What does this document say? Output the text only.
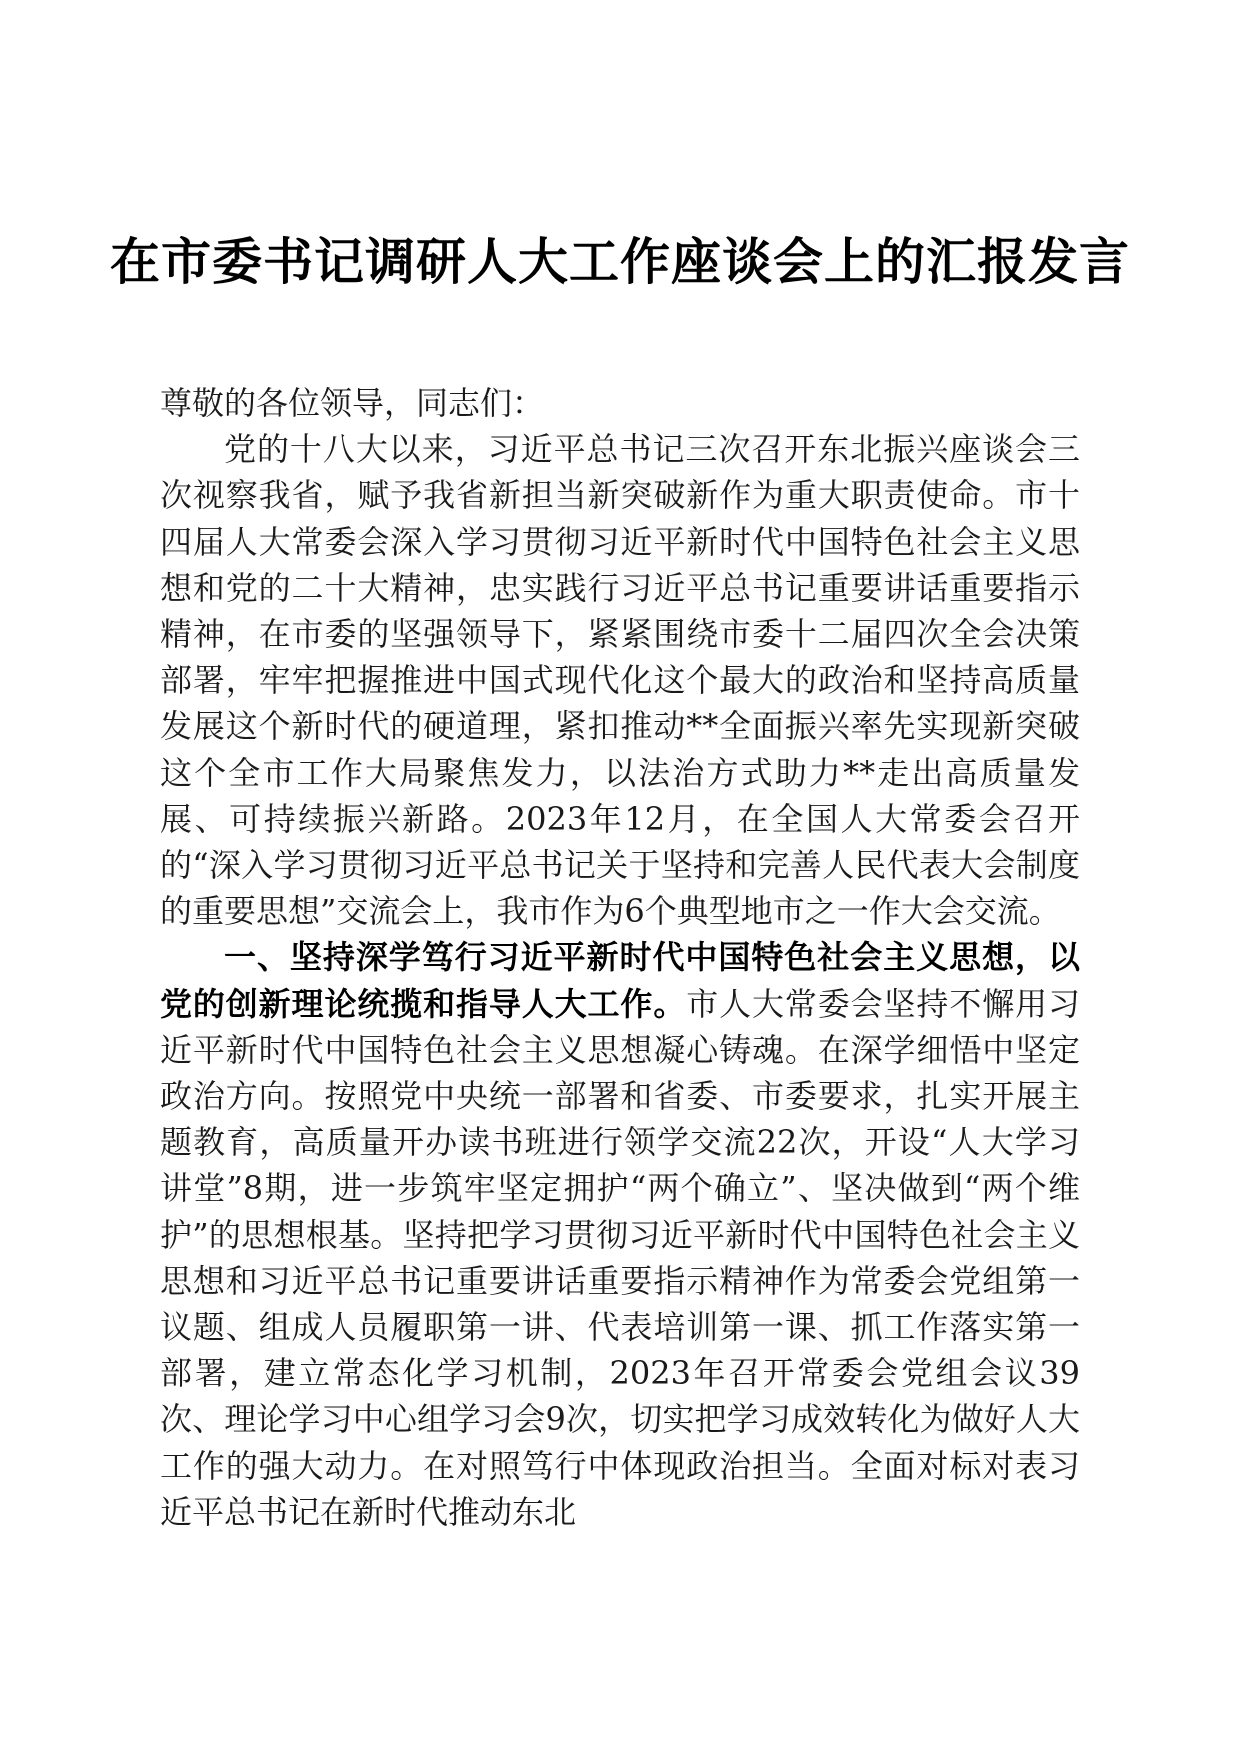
在市委书记调研人大工作座谈会上的汇报发言

尊敬的各位领导，同志们：

党的十八大以来，习近平总书记三次召开东北振兴座谈会三次视察我省，赋予我省新担当新突破新作为重大职责使命。市十四届人大常委会深入学习贯彻习近平新时代中国特色社会主义思想和党的二十大精神，忠实践行习近平总书记重要讲话重要指示精神，在市委的坚强领导下，紧紧围绕市委十二届四次全会决策部署，牢牢把握推进中国式现代化这个最大的政治和坚持高质量发展这个新时代的硬道理，紧扣推动**全面振兴率先实现新突破这个全市工作大局聚焦发力，以法治方式助力**走出高质量发展、可持续振兴新路。2023年12月，在全国人大常委会召开的“深入学习贯彻习近平总书记关于坚持和完善人民代表大会制度的重要思想”交流会上，我市作为6个典型地市之一作大会交流。

一、坚持深学笃行习近平新时代中国特色社会主义思想，以党的创新理论统揽和指导人大工作。市人大常委会坚持不懈用习近平新时代中国特色社会主义思想凝心铸魂。在深学细悟中坚定政治方向。按照党中央统一部署和省委、市委要求，扎实开展主题教育，高质量开办读书班进行领学交流22次，开设“人大学习讲堂”8期，进一步筑牢坚定拥护“两个确立”、坚决做到“两个维护”的思想根基。坚持把学习贯彻习近平新时代中国特色社会主义思想和习近平总书记重要讲话重要指示精神作为常委会党组第一议题、组成人员履职第一讲、代表培训第一课、抓工作落实第一部署，建立常态化学习机制，2023年召开常委会党组会议39次、理论学习中心组学习会9次，切实把学习成效转化为做好人大工作的强大动力。在对照笃行中体现政治担当。全面对标对表习近平总书记在新时代推动东北
